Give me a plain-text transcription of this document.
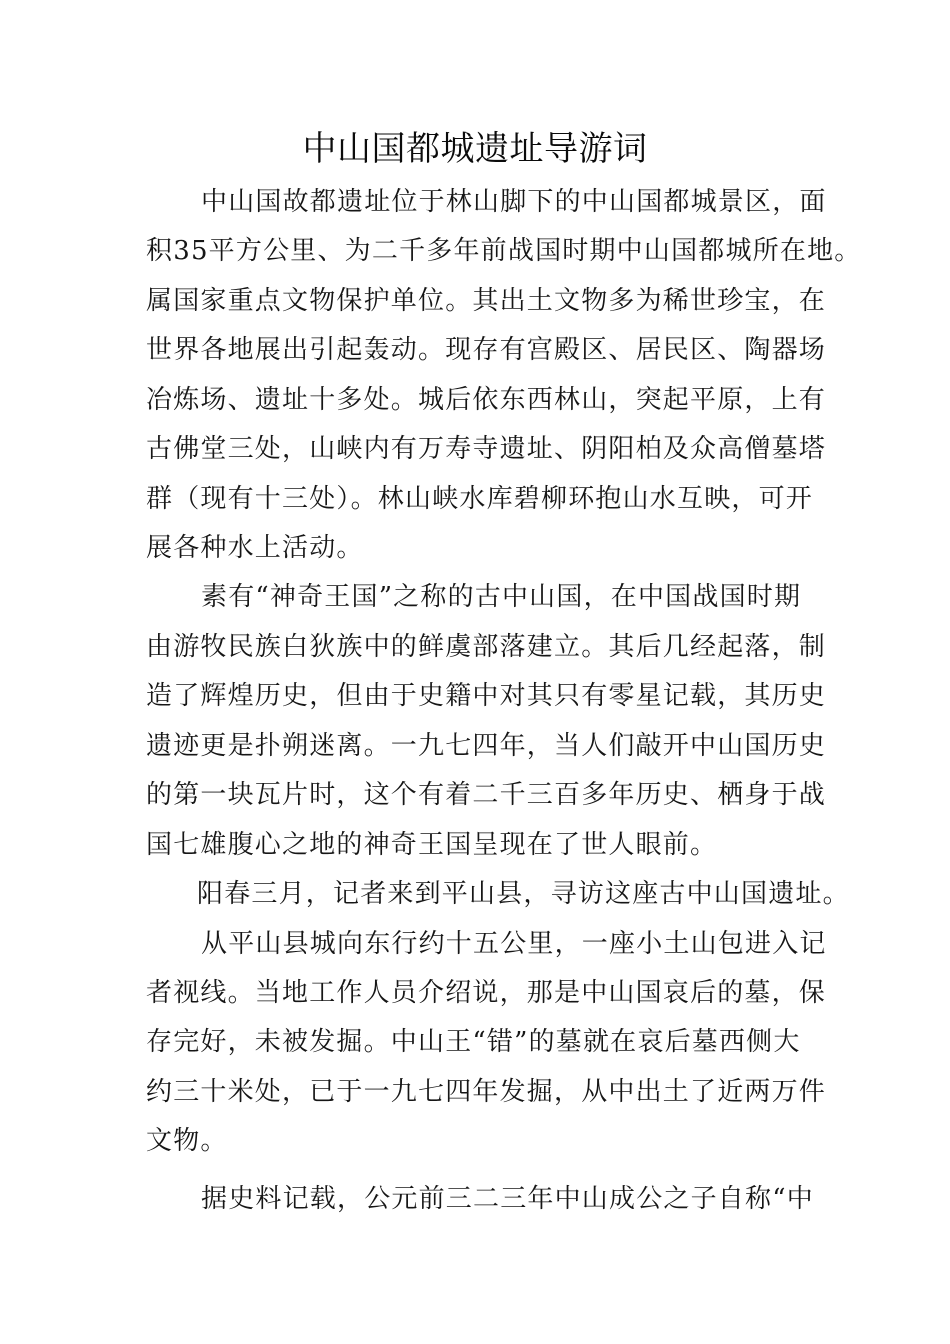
中山国都城遗址导游词
中山国故都遗址位于林山脚下的中山国都城景区，面
积35平方公里、为二千多年前战国时期中山国都城所在地。
属国家重点文物保护单位。其出土文物多为稀世珍宝，在
世界各地展出引起轰动。现存有宫殿区、居民区、陶器场
冶炼场、遗址十多处。城后依东西林山，突起平原，上有
古佛堂三处，山峡内有万寿寺遗址、阴阳柏及众高僧墓塔
群（现有十三处）。林山峡水库碧柳环抱山水互映，可开
展各种水上活动。
素有“神奇王国”之称的古中山国，在中国战国时期
由游牧民族白狄族中的鲜虞部落建立。其后几经起落，制
造了辉煌历史，但由于史籍中对其只有零星记载，其历史
遗迹更是扑朔迷离。一九七四年，当人们敲开中山国历史
的第一块瓦片时，这个有着二千三百多年历史、栖身于战
国七雄腹心之地的神奇王国呈现在了世人眼前。
阳春三月，记者来到平山县，寻访这座古中山国遗址。
从平山县城向东行约十五公里，一座小土山包进入记
者视线。当地工作人员介绍说，那是中山国哀后的墓，保
存完好，未被发掘。中山王“错”的墓就在哀后墓西侧大
约三十米处，已于一九七四年发掘，从中出土了近两万件
文物。
据史料记载，公元前三二三年中山成公之子自称“中
